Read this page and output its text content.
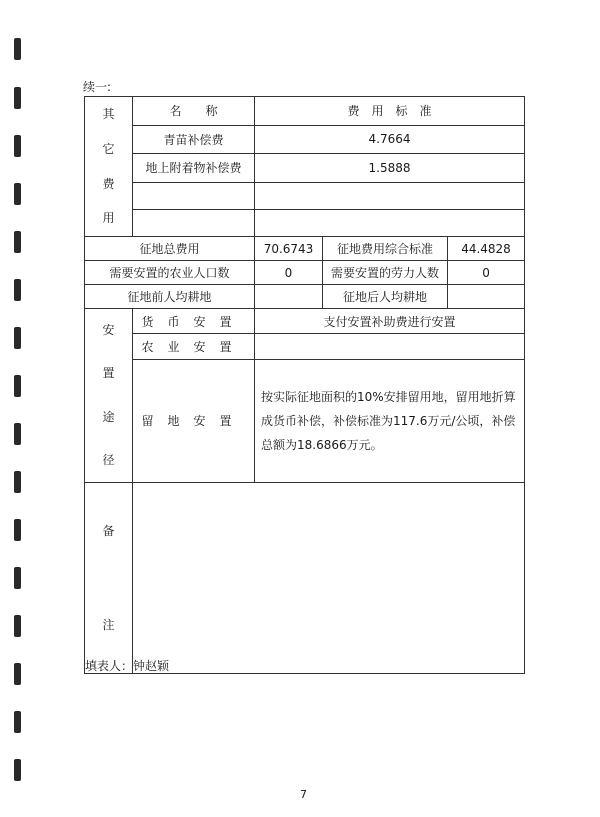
续一:
其
它
费
用	名　　称	费　用　标　准		
	青苗补偿费	4.7664		
	地上附着物补偿费	1.5888		

征地总费用		70.6743	征地费用综合标准	44.4828
需要安置的农业人口数		0	需要安置的劳力人数	0
征地前人均耕地			征地后人均耕地	
安
置
途
径	货币安置	支付安置补助费进行安置		
	农业安置			
	留地安置	按实际征地面积的10%安排留用地，留用地折算成货币补偿，补偿标准为117.6万元/公顷，补偿总额为18.6866万元。		
备
注				
填表人：钟赵颖
7
